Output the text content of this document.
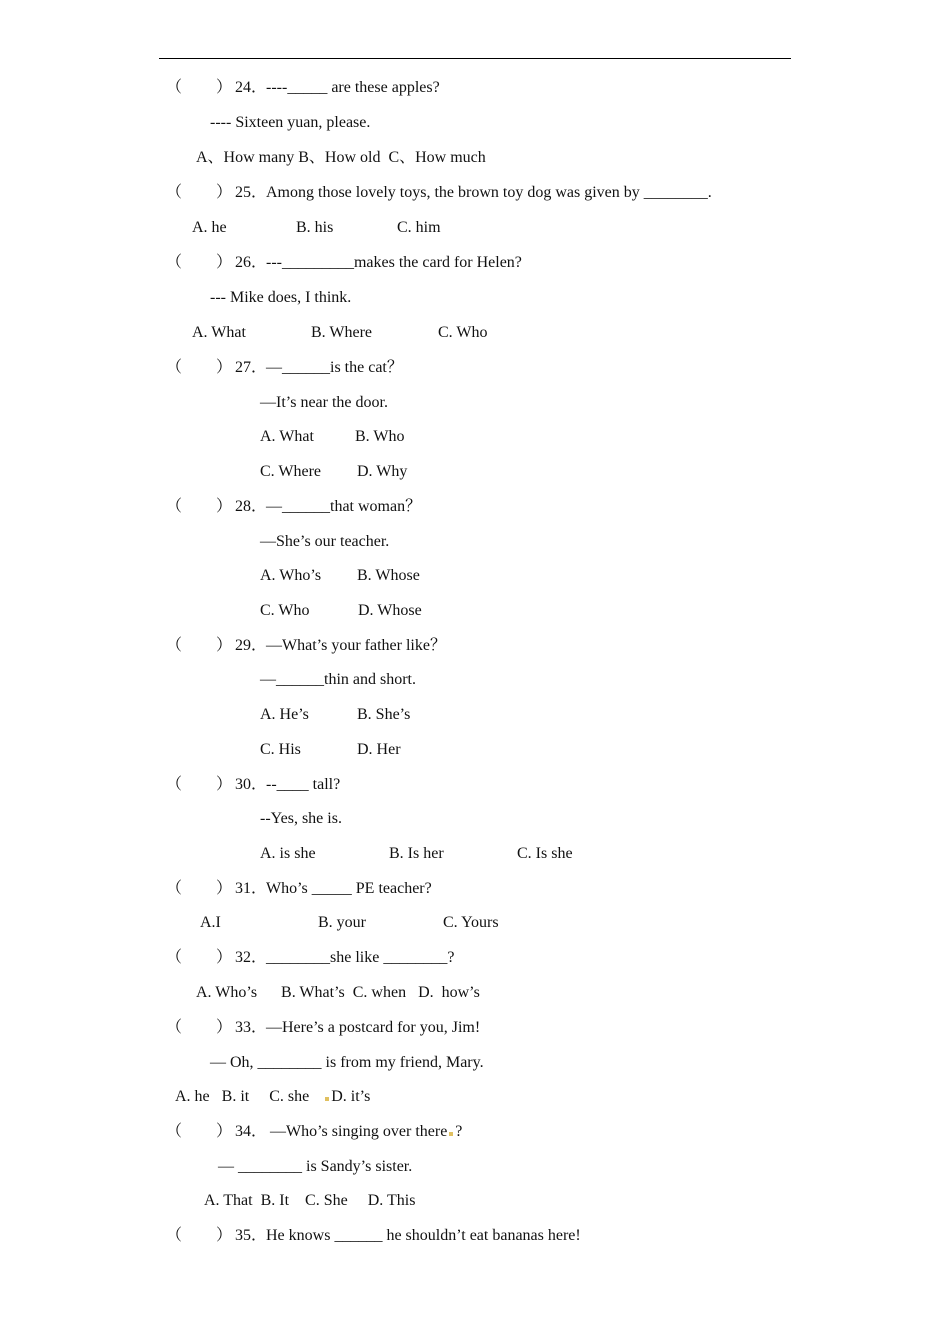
（ ）

24．

----_____ are these apples?

---- Sixteen yuan, please.
A、How many B、How old  C、How much

（ ）

25．

Among those lovely toys, the brown toy dog was given by ________.

A. he	B. his	C. him

（ ）

26．

---_________makes the card for Helen?

--- Mike does, I think.
A. What	B. Where	C. Who

（ ）

27．

—______is the cat？

—It’s near the door.
A. What	B. Who
C. Where D. Why

（ ）

28．

—______that woman？

—She’s our teacher.
A. Who’s B. Whose
C. Who	D. Whose

（ ）

29．

—What’s your father like？

—______thin and short.
A. He’s	B. She’s
C. His	D. Her

（ ）

30．

--____ tall?

--Yes, she is.
A. is she	B. Is her	C. Is she

（ ）

31．

Who’s _____ PE teacher?

A.I	B. your	C. Yours

（ ）

32．

________she like ________?

A. Who’s      B. What’s  C. when   D.  how’s

（ ）

33．

—Here’s a postcard for you, Jim!

— Oh, ________ is from my friend, Mary.
A. he   B. it     C. she    D. it’s

（ ）

34．

—Who’s singing over there ?

— ________ is Sandy’s sister.
A. That  B. It    C. She     D. This

（ ）

35．

He knows ______ he shouldn’t eat bananas here!
